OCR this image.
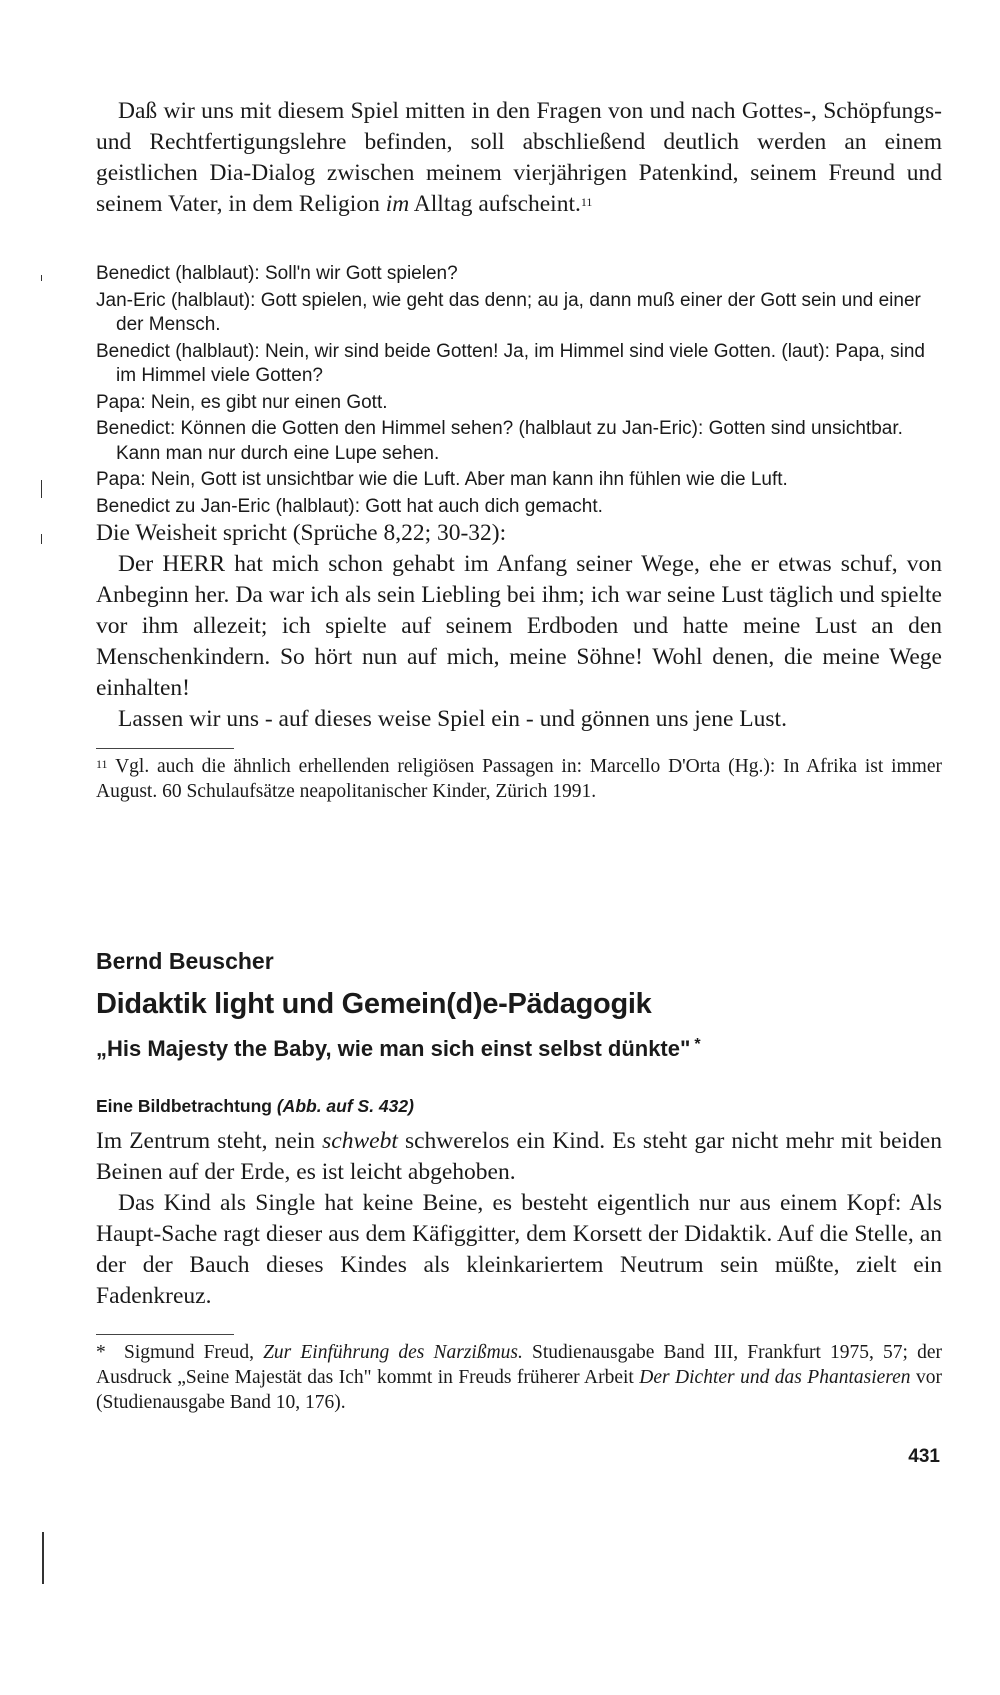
Daß wir uns mit diesem Spiel mitten in den Fragen von und nach Gottes-, Schöpfungs- und Rechtfertigungslehre befinden, soll abschließend deutlich werden an einem geistlichen Dia-Dialog zwischen meinem vierjährigen Patenkind, seinem Freund und seinem Vater, in dem Religion im Alltag aufscheint.$^{11}$

Benedict (halblaut): Soll'n wir Gott spielen?

Jan-Eric (halblaut): Gott spielen, wie geht das denn; au ja, dann muß einer der Gott sein und einer der Mensch.

Benedict (halblaut): Nein, wir sind beide Gotten! Ja, im Himmel sind viele Gotten. (laut): Papa, sind im Himmel viele Gotten?

Papa: Nein, es gibt nur einen Gott.

Benedict: Können die Gotten den Himmel sehen? (halblaut zu Jan-Eric): Gotten sind unsichtbar. Kann man nur durch eine Lupe sehen.

Papa: Nein, Gott ist unsichtbar wie die Luft. Aber man kann ihn fühlen wie die Luft.

Benedict zu Jan-Eric (halblaut): Gott hat auch dich gemacht.

Die Weisheit spricht (Sprüche 8,22; 30-32):

Der HERR hat mich schon gehabt im Anfang seiner Wege, ehe er etwas schuf, von Anbeginn her. Da war ich als sein Liebling bei ihm; ich war seine Lust täglich und spielte vor ihm allezeit; ich spielte auf seinem Erdboden und hatte meine Lust an den Menschenkindern. So hört nun auf mich, meine Söhne! Wohl denen, die meine Wege einhalten!

Lassen wir uns - auf dieses weise Spiel ein - und gönnen uns jene Lust.

$^{11}$ Vgl. auch die ähnlich erhellenden religiösen Passagen in: Marcello D'Orta (Hg.): In Afrika ist immer August. 60 Schulaufsätze neapolitanischer Kinder, Zürich 1991.

Bernd Beuscher

Didaktik light und Gemein(d)e-Pädagogik

„His Majesty the Baby, wie man sich einst selbst dünkte" *

Eine Bildbetrachtung (Abb. auf S. 432)

Im Zentrum steht, nein schwebt schwerelos ein Kind. Es steht gar nicht mehr mit beiden Beinen auf der Erde, es ist leicht abgehoben.

Das Kind als Single hat keine Beine, es besteht eigentlich nur aus einem Kopf: Als Haupt-Sache ragt dieser aus dem Käfiggitter, dem Korsett der Didaktik. Auf die Stelle, an der der Bauch dieses Kindes als kleinkariertem Neutrum sein müßte, zielt ein Fadenkreuz.

* Sigmund Freud, Zur Einführung des Narzißmus. Studienausgabe Band III, Frankfurt 1975, 57; der Ausdruck „Seine Majestät das Ich" kommt in Freuds früherer Arbeit Der Dichter und das Phantasieren vor (Studienausgabe Band 10, 176).

431
